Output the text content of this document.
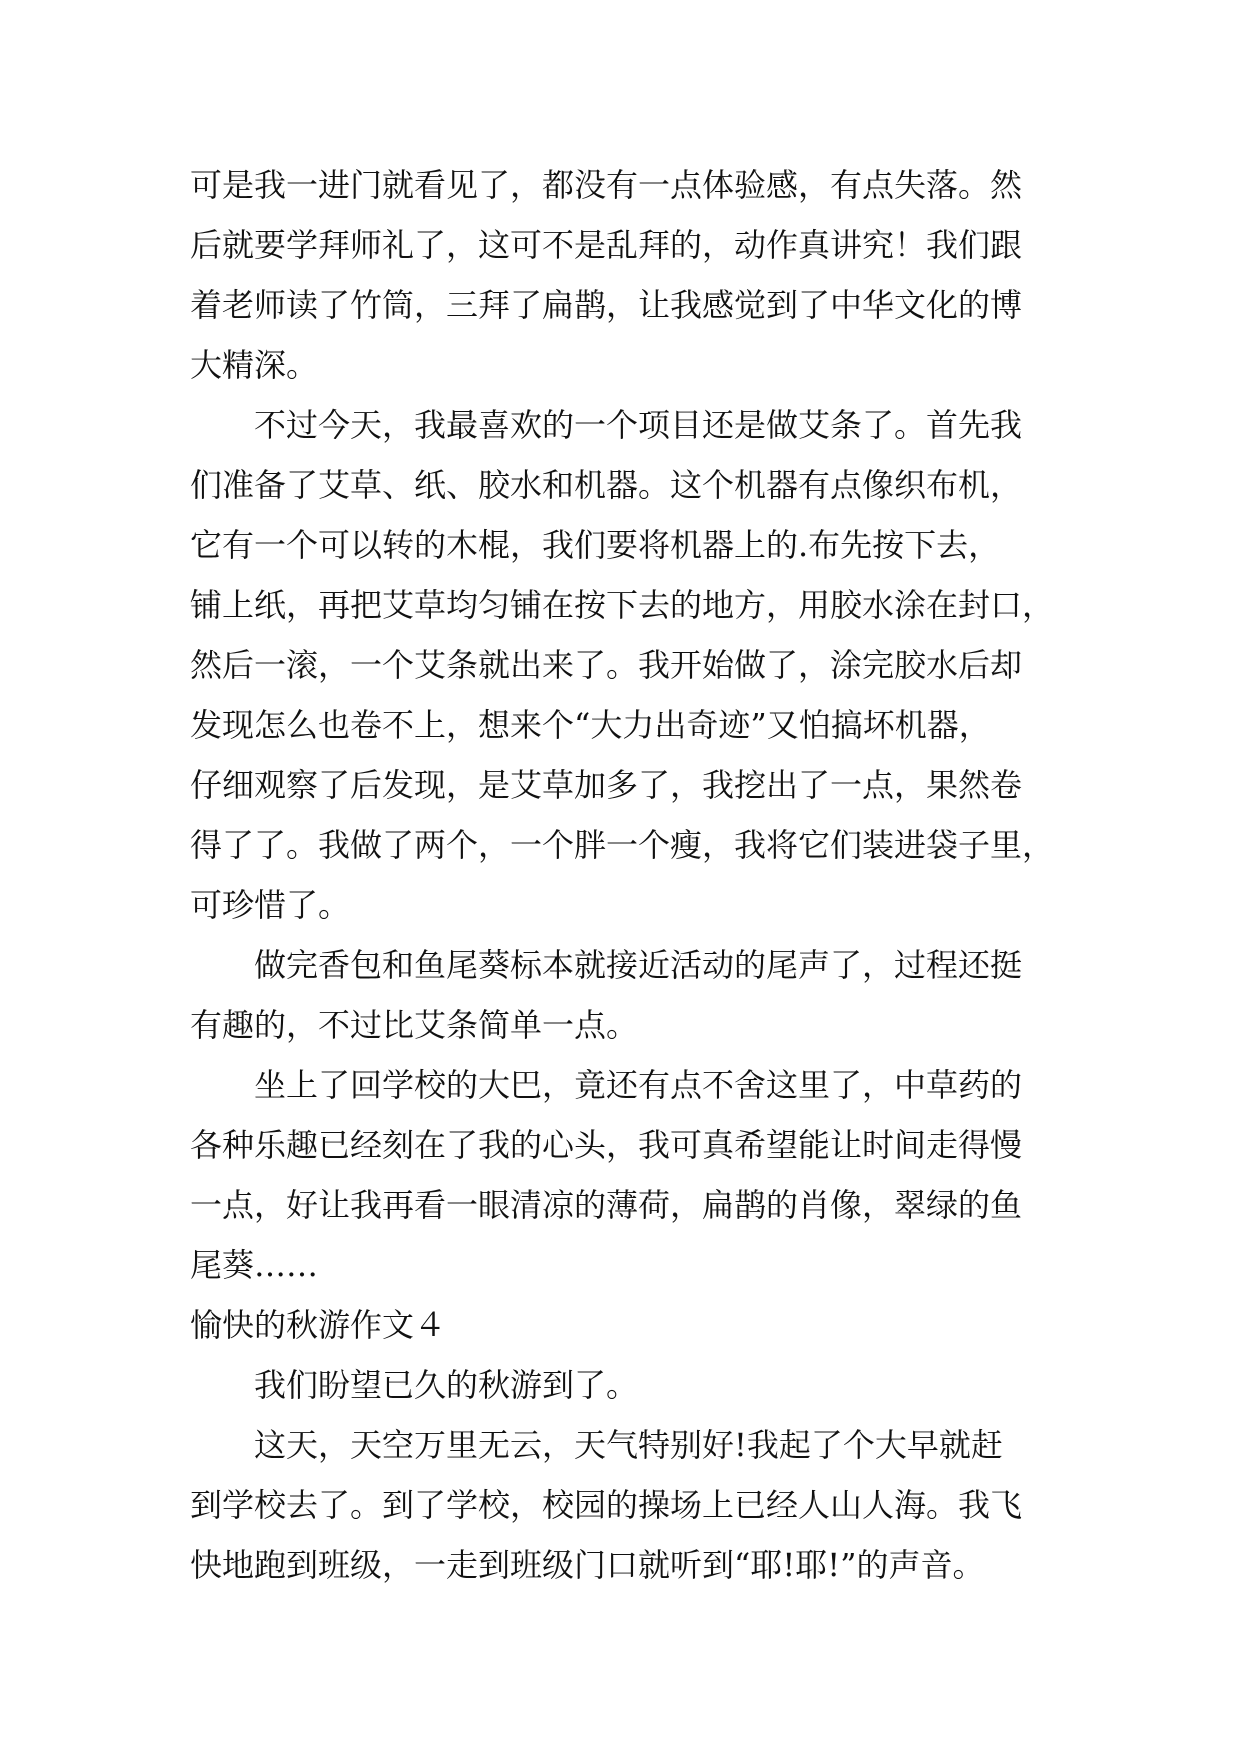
可是我一进门就看见了，都没有一点体验感，有点失落。然
后就要学拜师礼了，这可不是乱拜的，动作真讲究！我们跟
着老师读了竹筒，三拜了扁鹊，让我感觉到了中华文化的博
大精深。
不过今天，我最喜欢的一个项目还是做艾条了。首先我
们准备了艾草、纸、胶水和机器。这个机器有点像织布机，
它有一个可以转的木棍，我们要将机器上的.布先按下去，
铺上纸，再把艾草均匀铺在按下去的地方，用胶水涂在封口，
然后一滚，一个艾条就出来了。我开始做了，涂完胶水后却
发现怎么也卷不上，想来个“大力出奇迹”又怕搞坏机器，
仔细观察了后发现，是艾草加多了，我挖出了一点，果然卷
得了了。我做了两个，一个胖一个瘦，我将它们装进袋子里，
可珍惜了。
做完香包和鱼尾葵标本就接近活动的尾声了，过程还挺
有趣的，不过比艾条简单一点。
坐上了回学校的大巴，竟还有点不舍这里了，中草药的
各种乐趣已经刻在了我的心头，我可真希望能让时间走得慢
一点，好让我再看一眼清凉的薄荷，扁鹊的肖像，翠绿的鱼
尾葵……
愉快的秋游作文４
我们盼望已久的秋游到了。
这天，天空万里无云，天气特别好!我起了个大早就赶
到学校去了。到了学校，校园的操场上已经人山人海。我飞
快地跑到班级，一走到班级门口就听到“耶!耶!”的声音。
